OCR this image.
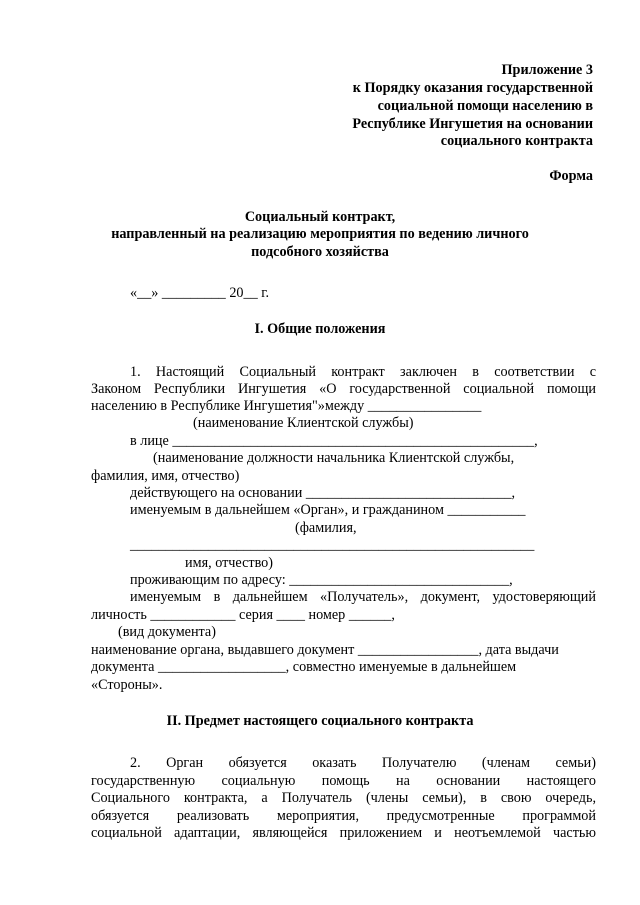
Приложение 3
к Порядку оказания государственной
социальной помощи населению в
Республике Ингушетия на основании
социального контракта
Форма
Социальный контракт,
направленный на реализацию мероприятия по ведению личного
подсобного хозяйства
«__» _________ 20__ г.
I. Общие положения
1. Настоящий Социальный контракт заключен в соответствии с
Законом Республики Ингушетия «О государственной социальной помощи
населению в Республике Ингушетия"»между ________________
(наименование Клиентской службы)
в лице ___________________________________________________,
(наименование должности начальника Клиентской службы,
фамилия, имя, отчество)
действующего на основании _____________________________,
именуемым в дальнейшем «Орган», и гражданином ___________
(фамилия,
_________________________________________________________
имя, отчество)
проживающим по адресу: _______________________________,
именуемым в дальнейшем «Получатель», документ, удостоверяющий
личность ____________ серия ____ номер ______,
(вид документа)
наименование органа, выдавшего документ _________________, дата выдачи
документа __________________, совместно именуемые в дальнейшем
«Стороны».
II. Предмет настоящего социального контракта
2. Орган обязуется оказать Получателю (членам семьи)
государственную социальную помощь на основании настоящего
Социального контракта, а Получатель (члены семьи), в свою очередь,
обязуется реализовать мероприятия, предусмотренные программой
социальной адаптации, являющейся приложением и неотъемлемой частью
